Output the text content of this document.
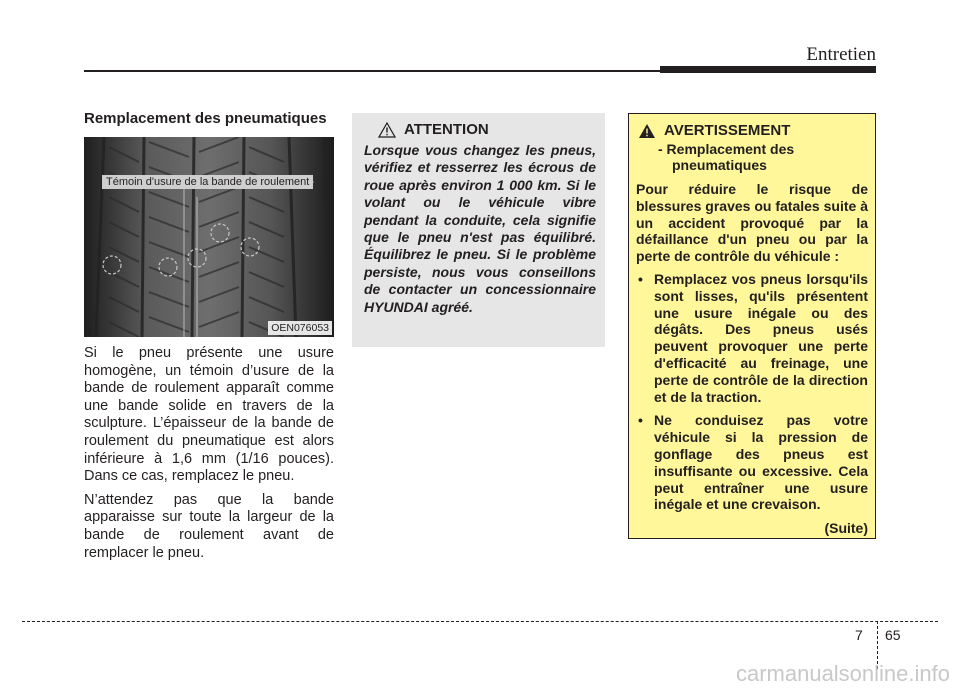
Entretien
Remplacement des pneumatiques
Témoin d'usure de la bande de roulement
OEN076053

Si le pneu présente une usure homogène, un témoin d’usure de la bande de roulement apparaît comme une bande solide en travers de la sculpture. L’épaisseur de la bande de roulement du pneumatique est alors inférieure à 1,6 mm (1/16 pouces). Dans ce cas, remplacez le pneu.

N’attendez pas que la bande apparaisse sur toute la largeur de la bande de roulement avant de remplacer le pneu.

ATTENTION

Lorsque vous changez les pneus, vérifiez et resserrez les écrous de roue après environ 1 000 km. Si le volant ou le véhicule vibre pendant la conduite, cela signifie que le pneu n'est pas équilibré. Équilibrez le pneu. Si le problème persiste, nous vous conseillons de contacter un concessionnaire HYUNDAI agréé.

AVERTISSEMENT
- Remplacement des pneumatiques

Pour réduire le risque de blessures graves ou fatales suite à un accident provoqué par la défaillance d'un pneu ou par la perte de contrôle du véhicule :

• Remplacez vos pneus lorsqu'ils sont lisses, qu'ils présentent une usure inégale ou des dégâts. Des pneus usés peuvent provoquer une perte d'efficacité au freinage, une perte de contrôle de la direction et de la traction.
• Ne conduisez pas votre véhicule si la pression de gonflage des pneus est insuffisante ou excessive. Cela peut entraîner une usure inégale et une crevaison.
(Suite)
7 65
carmanualsonline.info
